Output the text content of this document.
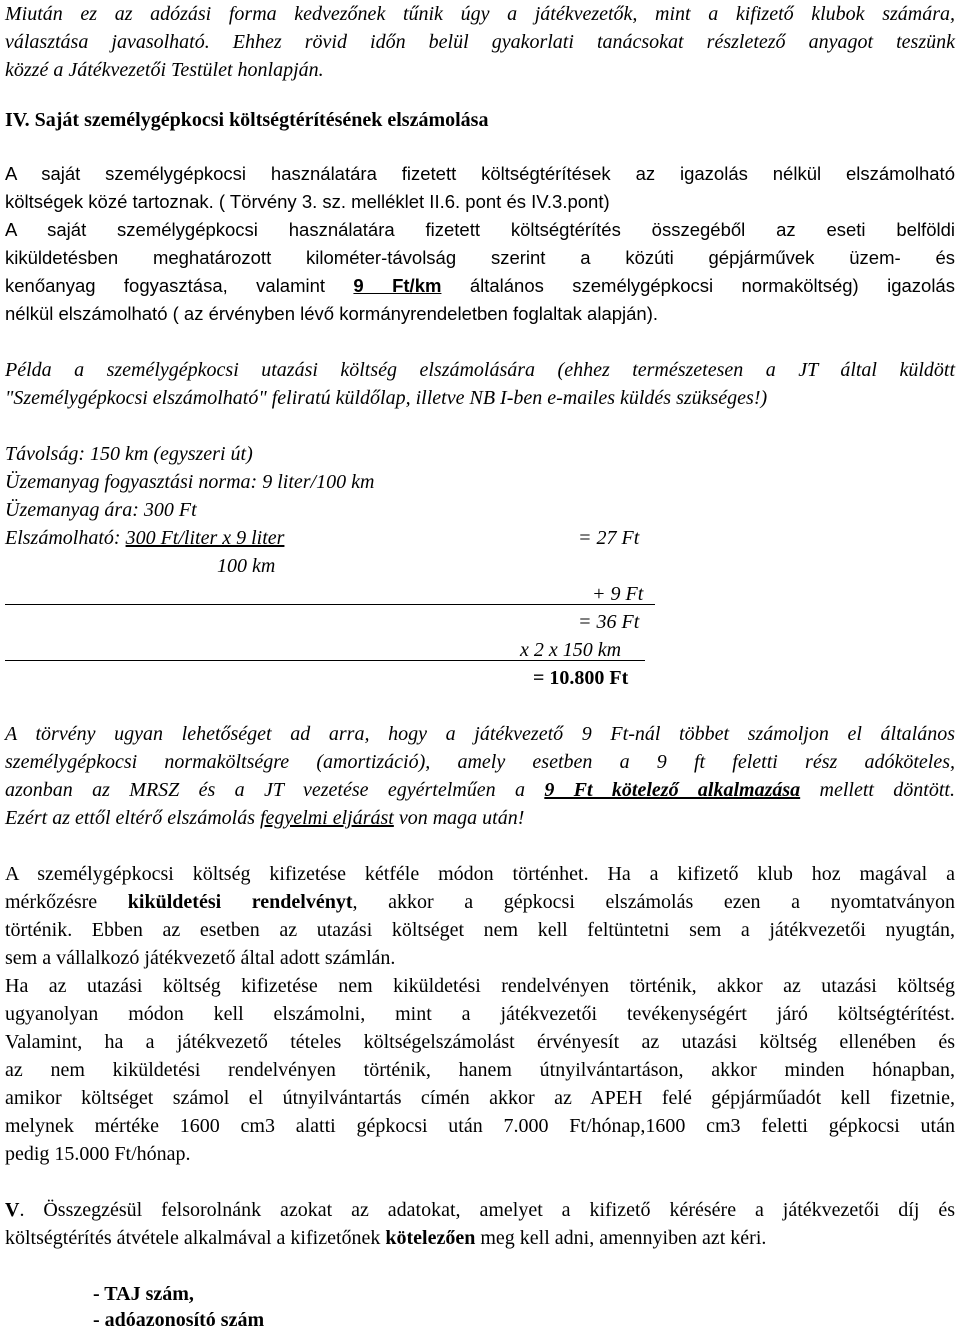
Miután ez az adózási forma kedvezőnek tűnik úgy a játékvezetők, mint a kifizető klubok számára,
választása javasolható. Ehhez rövid időn belül gyakorlati tanácsokat részletező anyagot teszünk
közzé a Játékvezetői Testület honlapján.
IV. Saját személygépkocsi költségtérítésének elszámolása
A saját személygépkocsi használatára fizetett költségtérítések az igazolás nélkül elszámolható
költségek közé tartoznak. ( Törvény 3. sz. melléklet II.6. pont és IV.3.pont)
A saját személygépkocsi használatára fizetett költségtérítés összegéből az eseti belföldi
kiküldetésben meghatározott kilométer-távolság szerint a közúti gépjárművek üzem- és
kenőanyag fogyasztása, valamint 9 Ft/km általános személygépkocsi normaköltség) igazolás
nélkül elszámolható ( az érvényben lévő kormányrendeletben foglaltak alapján).
Példa a személygépkocsi utazási költség elszámolására (ehhez természetesen a JT által küldött
"Személygépkocsi elszámolható" feliratú küldőlap, illetve NB I-ben e-mailes küldés szükséges!)
Távolság: 150 km (egyszeri út)
Üzemanyag fogyasztási norma: 9 liter/100 km
Üzemanyag ára: 300 Ft
Elszámolható: 300 Ft/liter x 9 liter	= 27 Ft
100 km
+ 9 Ft
= 36 Ft
x 2 x 150 km
= 10.800 Ft
A törvény ugyan lehetőséget ad arra, hogy a játékvezető 9 Ft-nál többet számoljon el általános
személygépkocsi normaköltségre (amortizáció), amely esetben a 9 ft feletti rész adóköteles,
azonban az MRSZ és a JT vezetése egyértelműen a 9 Ft kötelező alkalmazása mellett döntött.
Ezért az ettől eltérő elszámolás fegyelmi eljárást von maga után!
A személygépkocsi költség kifizetése kétféle módon történhet. Ha a kifizető klub hoz magával a
mérkőzésre kiküldetési rendelvényt, akkor a gépkocsi elszámolás ezen a nyomtatványon
történik. Ebben az esetben az utazási költséget nem kell feltüntetni sem a játékvezetői nyugtán,
sem a vállalkozó játékvezető által adott számlán.
Ha az utazási költség kifizetése nem kiküldetési rendelvényen történik, akkor az utazási költség
ugyanolyan módon kell elszámolni, mint a játékvezetői tevékenységért járó költségtérítést.
Valamint, ha a játékvezető tételes költségelszámolást érvényesít az utazási költség ellenében és
az nem kiküldetési rendelvényen történik, hanem útnyilvántartáson, akkor minden hónapban,
amikor költséget számol el útnyilvántartás címén akkor az APEH felé gépjárműadót kell fizetnie,
melynek mértéke 1600 cm3 alatti gépkocsi után 7.000 Ft/hónap,1600 cm3 feletti gépkocsi után
pedig 15.000 Ft/hónap.
V. Összegzésül felsorolnánk azokat az adatokat, amelyet a kifizető kérésére a játékvezetői díj és
költségtérítés átvétele alkalmával a kifizetőnek kötelezően meg kell adni, amennyiben azt kéri.
- TAJ szám,
- adóazonosító szám
